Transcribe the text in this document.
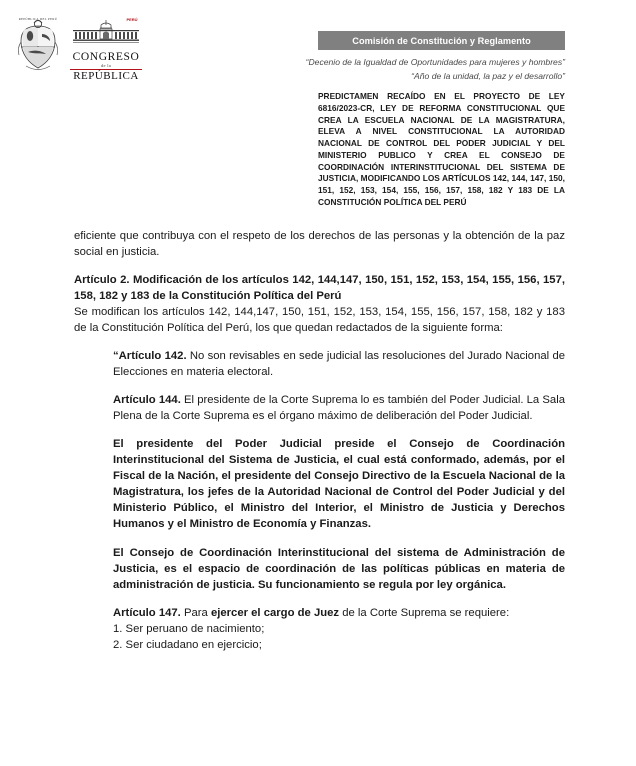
REPÚBLICA DEL PERÚ	PERÚ
CONGRESO
de la
REPÚBLICA
Comisión de Constitución y Reglamento
“Decenio de la Igualdad de Oportunidades para mujeres y hombres”
“Año de la unidad, la paz y el desarrollo”
PREDICTAMEN RECAÍDO EN EL PROYECTO DE LEY 6816/2023-CR, LEY DE REFORMA CONSTITUCIONAL QUE CREA LA ESCUELA NACIONAL DE LA MAGISTRATURA, ELEVA A NIVEL CONSTITUCIONAL LA AUTORIDAD NACIONAL DE CONTROL DEL PODER JUDICIAL Y DEL MINISTERIO PUBLICO Y CREA EL CONSEJO DE COORDINACIÓN INTERINSTITUCIONAL DEL SISTEMA DE JUSTICIA, MODIFICANDO LOS ARTÍCULOS 142, 144, 147, 150, 151, 152, 153, 154, 155, 156, 157, 158, 182 Y 183 DE LA CONSTITUCIÓN POLÍTICA DEL PERÚ

eficiente que contribuya con el respeto de los derechos de las personas y la obtención de la paz social en justicia.

Artículo 2. Modificación de los artículos 142, 144,147, 150, 151, 152, 153, 154, 155, 156, 157, 158, 182 y 183 de la Constitución Política del Perú

Se modifican los artículos 142, 144,147, 150, 151, 152, 153, 154, 155, 156, 157, 158, 182 y 183 de la Constitución Política del Perú, los que quedan redactados de la siguiente forma:

“Artículo 142. No son revisables en sede judicial las resoluciones del Jurado Nacional de Elecciones en materia electoral.

Artículo 144. El presidente de la Corte Suprema lo es también del Poder Judicial. La Sala Plena de la Corte Suprema es el órgano máximo de deliberación del Poder Judicial.

El presidente del Poder Judicial preside el Consejo de Coordinación Interinstitucional del Sistema de Justicia, el cual está conformado, además, por el Fiscal de la Nación, el presidente del Consejo Directivo de la Escuela Nacional de la Magistratura, los jefes de la Autoridad Nacional de Control del Poder Judicial y del Ministerio Público, el Ministro del Interior, el Ministro de Justicia y Derechos Humanos y el Ministro de Economía y Finanzas.

El Consejo de Coordinación Interinstitucional del sistema de Administración de Justicia, es el espacio de coordinación de las políticas públicas en materia de administración de justicia. Su funcionamiento se regula por ley orgánica.

Artículo 147. Para ejercer el cargo de Juez de la Corte Suprema se requiere:

1. Ser peruano de nacimiento;

2. Ser ciudadano en ejercicio;
